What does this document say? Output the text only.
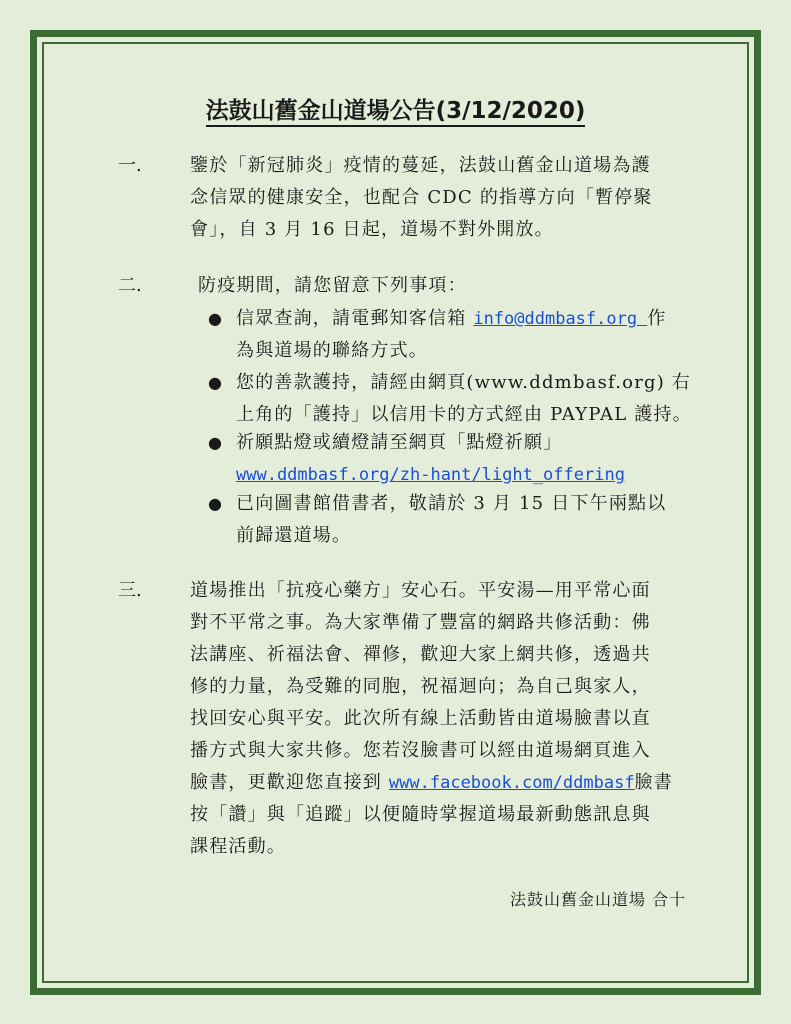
法鼓山舊金山道場公告(3/12/2020)
一.	鑒於「新冠肺炎」疫情的蔓延，法鼓山舊金山道場為護
念信眾的健康安全，也配合 CDC 的指導方向「暫停聚
會」，自 3 月 16 日起，道場不對外開放。
二.	防疫期間，請您留意下列事項：
● 信眾查詢，請電郵知客信箱 info@ddmbasf.org 作
為與道場的聯絡方式。
● 您的善款護持，請經由網頁(www.ddmbasf.org) 右
上角的「護持」以信用卡的方式經由 PAYPAL 護持。
● 祈願點燈或續燈請至網頁「點燈祈願」
www.ddmbasf.org/zh-hant/light_offering
● 已向圖書館借書者，敬請於 3 月 15 日下午兩點以
前歸還道場。
三.	道場推出「抗疫心藥方」安心石。平安湯—用平常心面
對不平常之事。為大家準備了豐富的網路共修活動：佛
法講座、祈福法會、禪修，歡迎大家上網共修，透過共
修的力量，為受難的同胞，祝福迴向；為自己與家人，
找回安心與平安。此次所有線上活動皆由道場臉書以直
播方式與大家共修。您若沒臉書可以經由道場網頁進入
臉書，更歡迎您直接到 www.facebook.com/ddmbasf臉書
按「讚」與「追蹤」以便隨時掌握道場最新動態訊息與
課程活動。
法鼓山舊金山道場 合十
